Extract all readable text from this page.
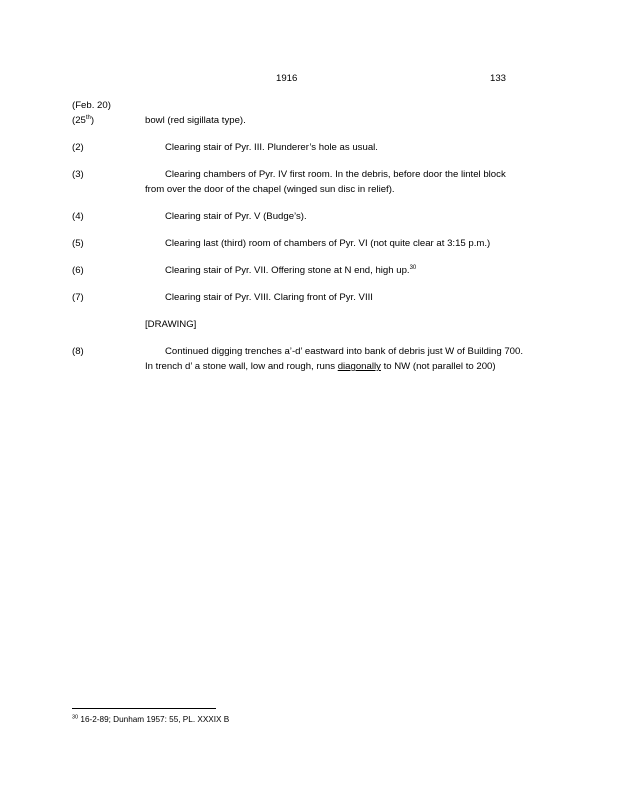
1916	133
(Feb. 20)
(25th)	bowl (red sigillata type).
(2)	Clearing stair of Pyr. III. Plunderer’s hole as usual.
(3)	Clearing chambers of Pyr. IV first room. In the debris, before door the lintel block
from over the door of the chapel (winged sun disc in relief).
(4)	Clearing stair of Pyr. V (Budge’s).
(5)	Clearing last (third) room of chambers of Pyr. VI (not quite clear at 3:15 p.m.)
(6)	Clearing stair of Pyr. VII. Offering stone at N end, high up.$^{30}$
(7)	Clearing stair of Pyr. VIII. Claring front of Pyr. VIII
[DRAWING]
(8)	Continued digging trenches a’-d’ eastward into bank of debris just W of Building 700.
In trench d’ a stone wall, low and rough, runs diagonally to NW (not parallel to 200)
$^{30}$ 16-2-89; Dunham 1957: 55, PL. XXXIX B
